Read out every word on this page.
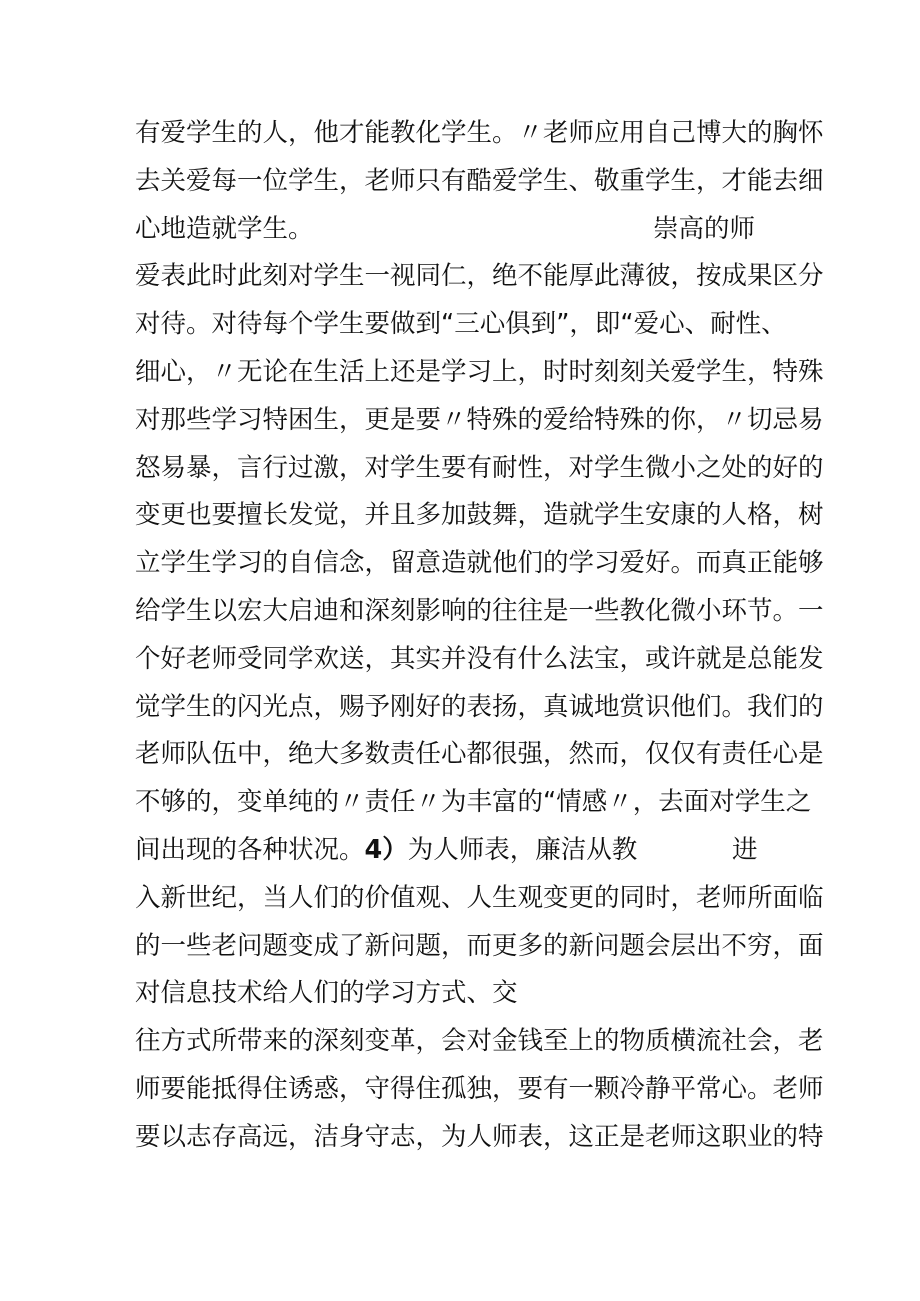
有爱学生的人，他才能教化学生。〃老师应用自己博大的胸怀
去关爱每一位学生，老师只有酷爱学生、敬重学生，才能去细
心地造就学生。	崇高的师
爱表此时此刻对学生一视同仁，绝不能厚此薄彼，按成果区分
对待。对待每个学生要做到“三心俱到”，即“爱心、耐性、
细心，〃无论在生活上还是学习上，时时刻刻关爱学生，特殊
对那些学习特困生，更是要〃特殊的爱给特殊的你，〃切忌易
怒易暴，言行过激，对学生要有耐性，对学生微小之处的好的
变更也要擅长发觉，并且多加鼓舞，造就学生安康的人格，树
立学生学习的自信念，留意造就他们的学习爱好。而真正能够
给学生以宏大启迪和深刻影响的往往是一些教化微小环节。一
个好老师受同学欢送，其实并没有什么法宝，或许就是总能发
觉学生的闪光点，赐予刚好的表扬，真诚地赏识他们。我们的
老师队伍中，绝大多数责任心都很强，然而，仅仅有责任心是
不够的，变单纯的〃责任〃为丰富的“情感〃，去面对学生之
间出现的各种状况。4）为人师表，廉洁从教	进
入新世纪，当人们的价值观、人生观变更的同时，老师所面临
的一些老问题变成了新问题，而更多的新问题会层出不穷，面
对信息技术给人们的学习方式、交
往方式所带来的深刻变革，会对金钱至上的物质横流社会，老
师要能抵得住诱惑，守得住孤独，要有一颗冷静平常心。老师
要以志存高远，洁身守志，为人师表，这正是老师这职业的特
